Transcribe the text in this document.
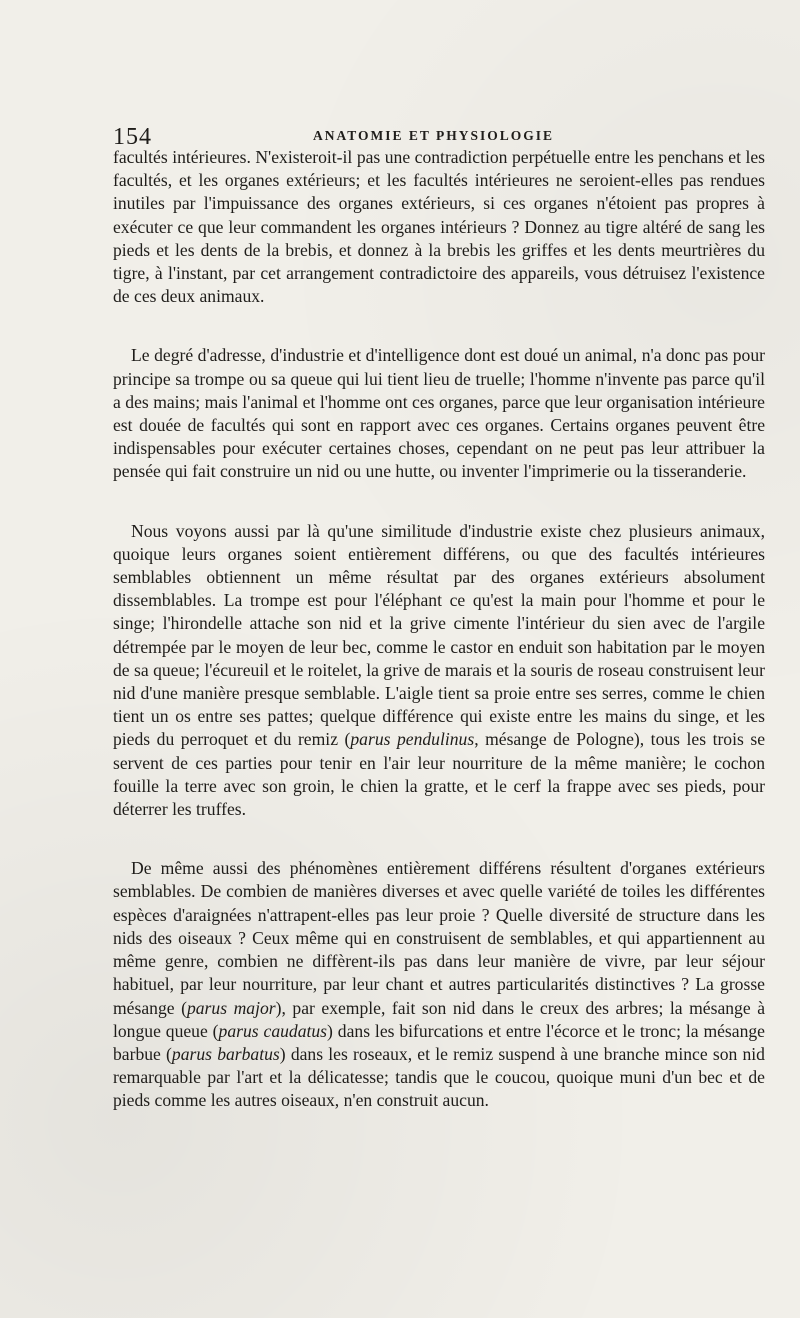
154	ANATOMIE ET PHYSIOLOGIE

facultés intérieures. N'existeroit-il pas une contradiction perpétuelle entre les penchans et les facultés, et les organes extérieurs; et les facultés intérieures ne seroient-elles pas rendues inutiles par l'impuissance des organes extérieurs, si ces organes n'étoient pas propres à exécuter ce que leur commandent les organes intérieurs ? Donnez au tigre altéré de sang les pieds et les dents de la brebis, et donnez à la brebis les griffes et les dents meurtrières du tigre, à l'instant, par cet arrangement contradictoire des appareils, vous détruisez l'existence de ces deux animaux.

Le degré d'adresse, d'industrie et d'intelligence dont est doué un animal, n'a donc pas pour principe sa trompe ou sa queue qui lui tient lieu de truelle; l'homme n'invente pas parce qu'il a des mains; mais l'animal et l'homme ont ces organes, parce que leur organisation intérieure est douée de facultés qui sont en rapport avec ces organes. Certains organes peuvent être indispensables pour exécuter certaines choses, cependant on ne peut pas leur attribuer la pensée qui fait construire un nid ou une hutte, ou inventer l'imprimerie ou la tisseranderie.

Nous voyons aussi par là qu'une similitude d'industrie existe chez plusieurs animaux, quoique leurs organes soient entièrement différens, ou que des facultés intérieures semblables obtiennent un même résultat par des organes extérieurs absolument dissemblables. La trompe est pour l'éléphant ce qu'est la main pour l'homme et pour le singe; l'hirondelle attache son nid et la grive cimente l'intérieur du sien avec de l'argile détrempée par le moyen de leur bec, comme le castor en enduit son habitation par le moyen de sa queue; l'écureuil et le roitelet, la grive de marais et la souris de roseau construisent leur nid d'une manière presque semblable. L'aigle tient sa proie entre ses serres, comme le chien tient un os entre ses pattes; quelque différence qui existe entre les mains du singe, et les pieds du perroquet et du remiz (parus pendulinus, mésange de Pologne), tous les trois se servent de ces parties pour tenir en l'air leur nourriture de la même manière; le cochon fouille la terre avec son groin, le chien la gratte, et le cerf la frappe avec ses pieds, pour déterrer les truffes.

De même aussi des phénomènes entièrement différens résultent d'organes extérieurs semblables. De combien de manières diverses et avec quelle variété de toiles les différentes espèces d'araignées n'attrapent-elles pas leur proie ? Quelle diversité de structure dans les nids des oiseaux ? Ceux même qui en construisent de semblables, et qui appartiennent au même genre, combien ne diffèrent-ils pas dans leur manière de vivre, par leur séjour habituel, par leur nourriture, par leur chant et autres particularités distinctives ? La grosse mésange (parus major), par exemple, fait son nid dans le creux des arbres; la mésange à longue queue (parus caudatus) dans les bifurcations et entre l'écorce et le tronc; la mésange barbue (parus barbatus) dans les roseaux, et le remiz suspend à une branche mince son nid remarquable par l'art et la délicatesse; tandis que le coucou, quoique muni d'un bec et de pieds comme les autres oiseaux, n'en construit aucun.
